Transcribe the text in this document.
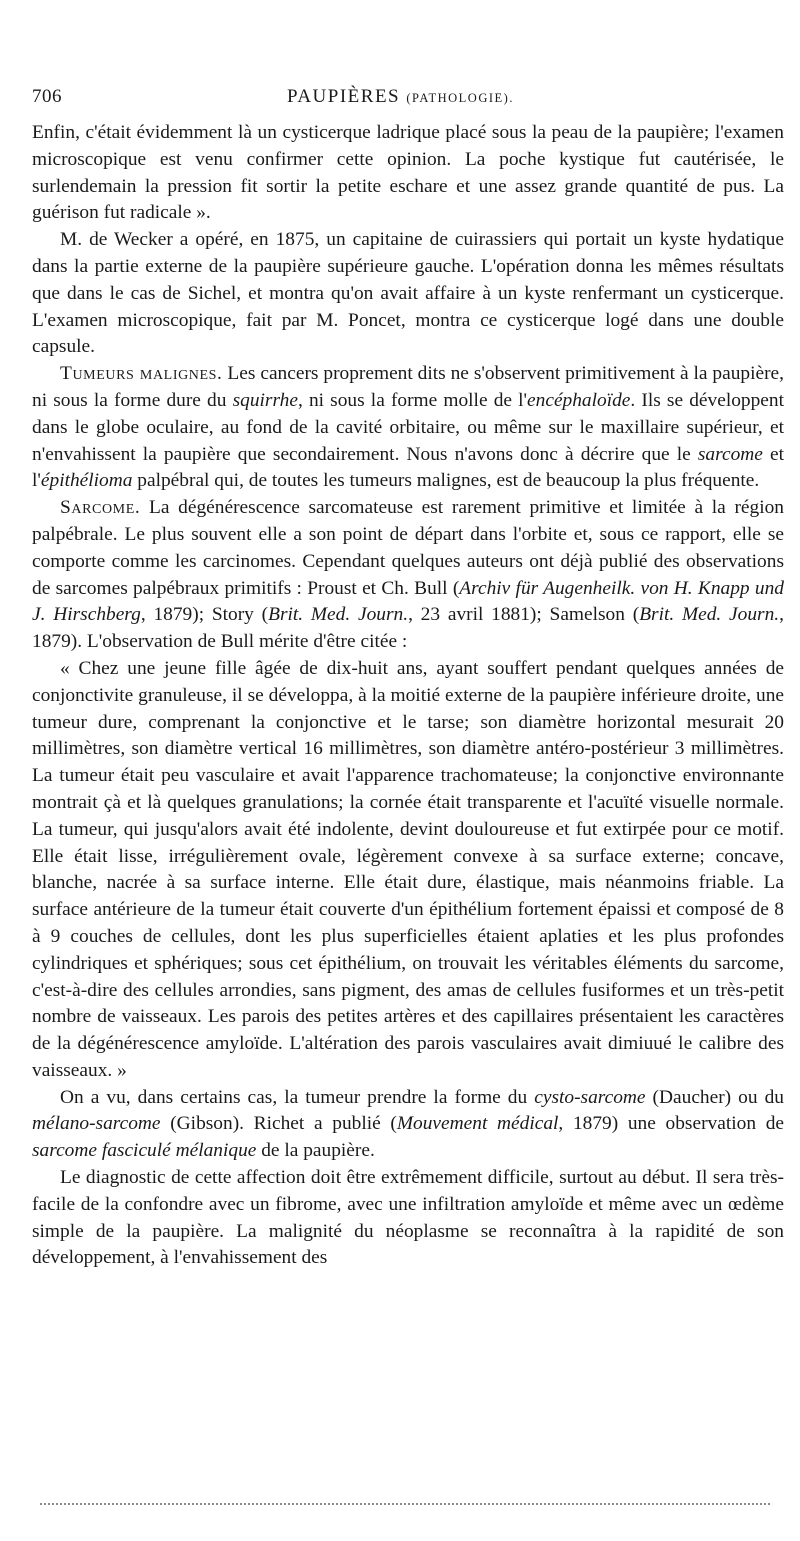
706	PAUPIÈRES (PATHOLOGIE).

Enfin, c'était évidemment là un cysticerque ladrique placé sous la peau de la paupière; l'examen microscopique est venu confirmer cette opinion. La poche kystique fut cautérisée, le surlendemain la pression fit sortir la petite eschare et une assez grande quantité de pus. La guérison fut radicale ».

M. de Wecker a opéré, en 1875, un capitaine de cuirassiers qui portait un kyste hydatique dans la partie externe de la paupière supérieure gauche. L'opération donna les mêmes résultats que dans le cas de Sichel, et montra qu'on avait affaire à un kyste renfermant un cysticerque. L'examen microscopique, fait par M. Poncet, montra ce cysticerque logé dans une double capsule.

Tumeurs malignes. Les cancers proprement dits ne s'observent primitivement à la paupière, ni sous la forme dure du squirrhe, ni sous la forme molle de l'encéphaloïde. Ils se développent dans le globe oculaire, au fond de la cavité orbitaire, ou même sur le maxillaire supérieur, et n'envahissent la paupière que secondairement. Nous n'avons donc à décrire que le sarcome et l'épithélioma palpébral qui, de toutes les tumeurs malignes, est de beaucoup la plus fréquente.

Sarcome. La dégénérescence sarcomateuse est rarement primitive et limitée à la région palpébrale. Le plus souvent elle a son point de départ dans l'orbite et, sous ce rapport, elle se comporte comme les carcinomes. Cependant quelques auteurs ont déjà publié des observations de sarcomes palpébraux primitifs : Proust et Ch. Bull (Archiv für Augenheilk. von H. Knapp und J. Hirschberg, 1879); Story (Brit. Med. Journ., 23 avril 1881); Samelson (Brit. Med. Journ., 1879). L'observation de Bull mérite d'être citée :

« Chez une jeune fille âgée de dix-huit ans, ayant souffert pendant quelques années de conjonctivite granuleuse, il se développa, à la moitié externe de la paupière inférieure droite, une tumeur dure, comprenant la conjonctive et le tarse; son diamètre horizontal mesurait 20 millimètres, son diamètre vertical 16 millimètres, son diamètre antéro-postérieur 3 millimètres. La tumeur était peu vasculaire et avait l'apparence trachomateuse; la conjonctive environnante montrait çà et là quelques granulations; la cornée était transparente et l'acuïté visuelle normale. La tumeur, qui jusqu'alors avait été indolente, devint douloureuse et fut extirpée pour ce motif. Elle était lisse, irrégulièrement ovale, légèrement convexe à sa surface externe; concave, blanche, nacrée à sa surface interne. Elle était dure, élastique, mais néanmoins friable. La surface antérieure de la tumeur était couverte d'un épithélium fortement épaissi et composé de 8 à 9 couches de cellules, dont les plus superficielles étaient aplaties et les plus profondes cylindriques et sphériques; sous cet épithélium, on trouvait les véritables éléments du sarcome, c'est-à-dire des cellules arrondies, sans pigment, des amas de cellules fusiformes et un très-petit nombre de vaisseaux. Les parois des petites artères et des capillaires présentaient les caractères de la dégénérescence amyloïde. L'altération des parois vasculaires avait dimiuué le calibre des vaisseaux. »

On a vu, dans certains cas, la tumeur prendre la forme du cysto-sarcome (Daucher) ou du mélano-sarcome (Gibson). Richet a publié (Mouvement médical, 1879) une observation de sarcome fasciculé mélanique de la paupière.

Le diagnostic de cette affection doit être extrêmement difficile, surtout au début. Il sera très-facile de la confondre avec un fibrome, avec une infiltration amyloïde et même avec un œdème simple de la paupière. La malignité du néoplasme se reconnaîtra à la rapidité de son développement, à l'envahissement des
